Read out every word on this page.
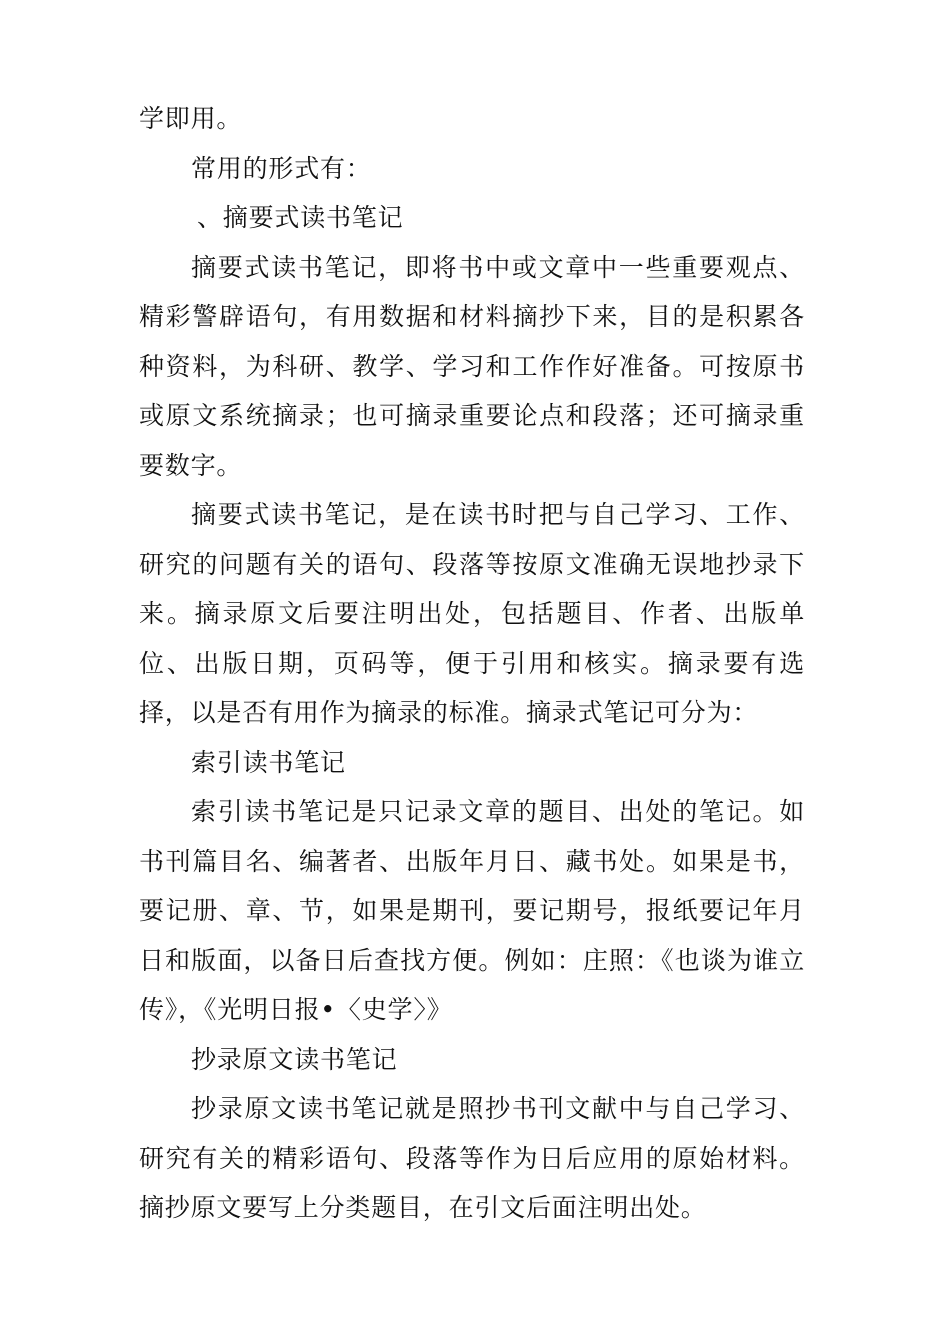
学即用。

常用的形式有：

、摘要式读书笔记

摘要式读书笔记，即将书中或文章中一些重要观点、精彩警辟语句，有用数据和材料摘抄下来，目的是积累各种资料，为科研、教学、学习和工作作好准备。可按原书或原文系统摘录；也可摘录重要论点和段落；还可摘录重要数字。

摘要式读书笔记，是在读书时把与自己学习、工作、研究的问题有关的语句、段落等按原文准确无误地抄录下来。摘录原文后要注明出处，包括题目、作者、出版单位、出版日期，页码等，便于引用和核实。摘录要有选择，以是否有用作为摘录的标准。摘录式笔记可分为：

索引读书笔记

索引读书笔记是只记录文章的题目、出处的笔记。如书刊篇目名、编著者、出版年月日、藏书处。如果是书，要记册、章、节，如果是期刊，要记期号，报纸要记年月日和版面，以备日后查找方便。例如：庄照：《也谈为谁立传》，《光明日报•〈史学〉》

抄录原文读书笔记

抄录原文读书笔记就是照抄书刊文献中与自己学习、研究有关的精彩语句、段落等作为日后应用的原始材料。摘抄原文要写上分类题目，在引文后面注明出处。
